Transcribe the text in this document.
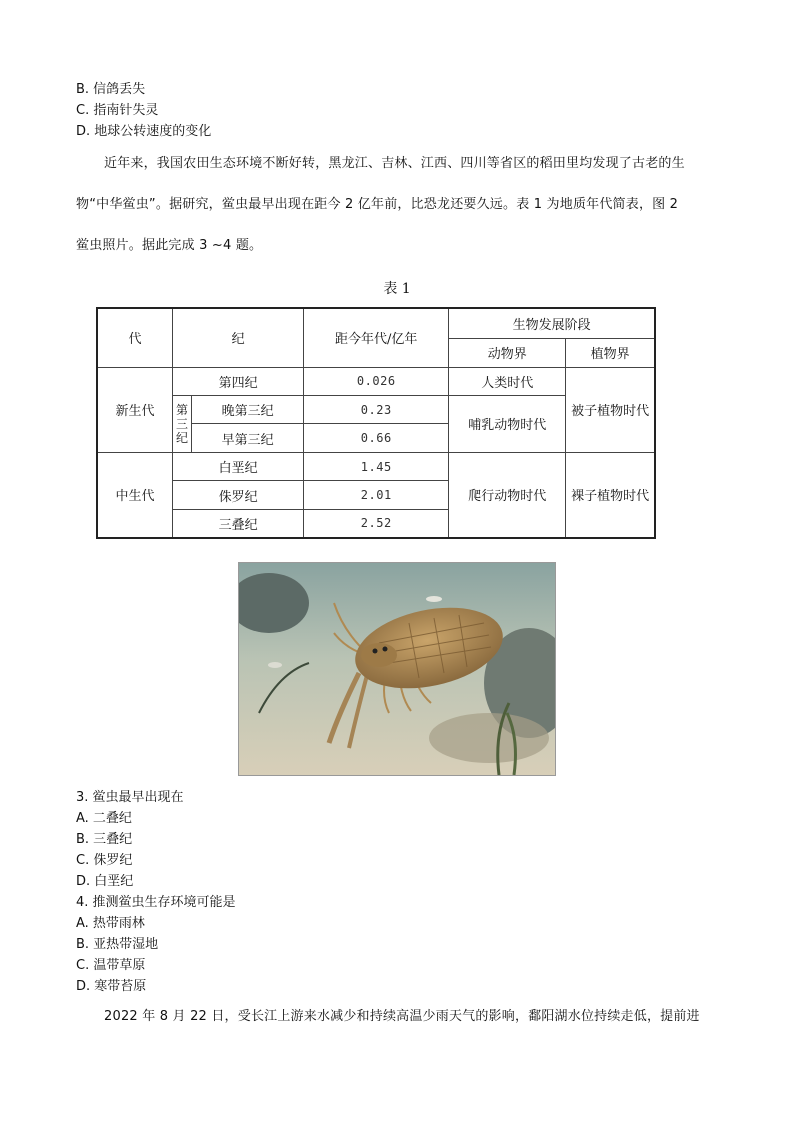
B. 信鸽丢失
C. 指南针失灵
D. 地球公转速度的变化
近年来，我国农田生态环境不断好转，黑龙江、吉林、江西、四川等省区的稻田里均发现了古老的生
物“中华鲎虫”。据研究，鲎虫最早出现在距今 2 亿年前，比恐龙还要久远。表 1 为地质年代简表，图 2
鲎虫照片。据此完成 3 ~4 题。
表 1
代	纪		距今年代/亿年	生物发展阶段	
				动物界	植物界
新生代	第四纪		0.026	人类时代	被子植物时代
	第三纪	晚第三纪	0.23	哺乳动物时代	
		早第三纪	0.66		
中生代	白垩纪		1.45	爬行动物时代	裸子植物时代
	侏罗纪		2.01		
	三叠纪		2.52		
3. 鲎虫最早出现在
A. 二叠纪
B. 三叠纪
C. 侏罗纪
D. 白垩纪
4. 推测鲎虫生存环境可能是
A. 热带雨林
B. 亚热带湿地
C. 温带草原
D. 寒带苔原
2022 年 8 月 22 日，受长江上游来水减少和持续高温少雨天气的影响，鄱阳湖水位持续走低，提前进
